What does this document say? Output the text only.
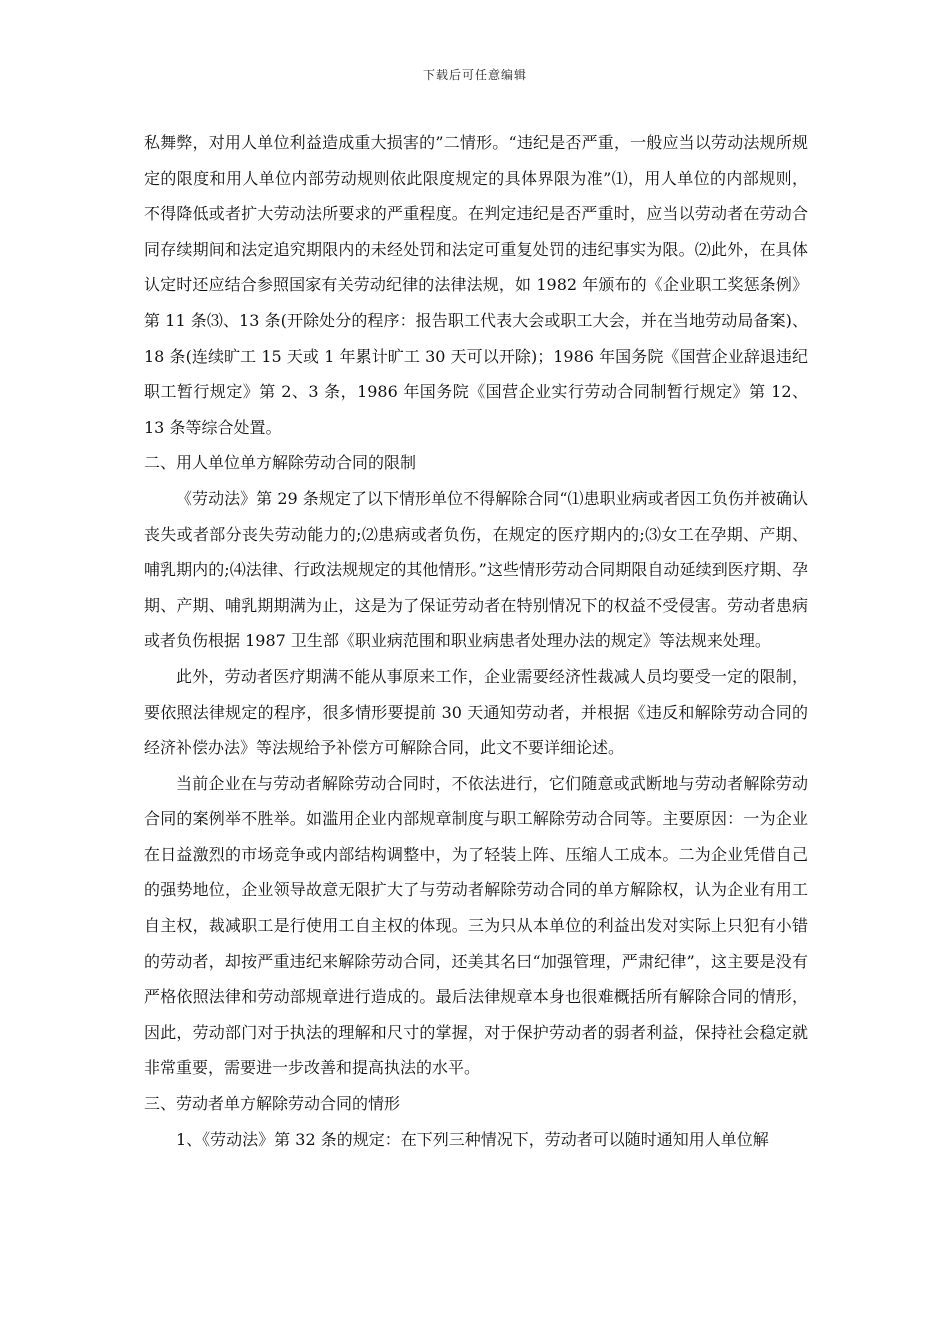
下载后可任意编辑

私舞弊，对用人单位利益造成重大损害的”二情形。“违纪是否严重，一般应当以劳动法规所规定的限度和用人单位内部劳动规则依此限度规定的具体界限为准”⑴，用人单位的内部规则，不得降低或者扩大劳动法所要求的严重程度。在判定违纪是否严重时，应当以劳动者在劳动合同存续期间和法定追究期限内的未经处罚和法定可重复处罚的违纪事实为限。⑵此外，在具体认定时还应结合参照国家有关劳动纪律的法律法规，如 1982 年颁布的《企业职工奖惩条例》第 11 条⑶、13 条(开除处分的程序：报告职工代表大会或职工大会，并在当地劳动局备案)、18 条(连续旷工 15 天或 1 年累计旷工 30 天可以开除)；1986 年国务院《国营企业辞退违纪职工暂行规定》第 2、3 条，1986 年国务院《国营企业实行劳动合同制暂行规定》第 12、13 条等综合处置。

二、用人单位单方解除劳动合同的限制

《劳动法》第 29 条规定了以下情形单位不得解除合同“⑴患职业病或者因工负伤并被确认丧失或者部分丧失劳动能力的;⑵患病或者负伤，在规定的医疗期内的;⑶女工在孕期、产期、哺乳期内的;⑷法律、行政法规规定的其他情形。”这些情形劳动合同期限自动延续到医疗期、孕期、产期、哺乳期期满为止，这是为了保证劳动者在特别情况下的权益不受侵害。劳动者患病或者负伤根据 1987 卫生部《职业病范围和职业病患者处理办法的规定》等法规来处理。

此外，劳动者医疗期满不能从事原来工作，企业需要经济性裁减人员均要受一定的限制，要依照法律规定的程序，很多情形要提前 30 天通知劳动者，并根据《违反和解除劳动合同的经济补偿办法》等法规给予补偿方可解除合同，此文不要详细论述。

当前企业在与劳动者解除劳动合同时，不依法进行，它们随意或武断地与劳动者解除劳动合同的案例举不胜举。如滥用企业内部规章制度与职工解除劳动合同等。主要原因：一为企业在日益激烈的市场竞争或内部结构调整中，为了轻装上阵、压缩人工成本。二为企业凭借自己的强势地位，企业领导故意无限扩大了与劳动者解除劳动合同的单方解除权，认为企业有用工自主权，裁减职工是行使用工自主权的体现。三为只从本单位的利益出发对实际上只犯有小错的劳动者，却按严重违纪来解除劳动合同，还美其名曰“加强管理，严肃纪律”，这主要是没有严格依照法律和劳动部规章进行造成的。最后法律规章本身也很难概括所有解除合同的情形，因此，劳动部门对于执法的理解和尺寸的掌握，对于保护劳动者的弱者利益，保持社会稳定就非常重要，需要进一步改善和提高执法的水平。

三、劳动者单方解除劳动合同的情形

1、《劳动法》第 32 条的规定：在下列三种情况下，劳动者可以随时通知用人单位解
